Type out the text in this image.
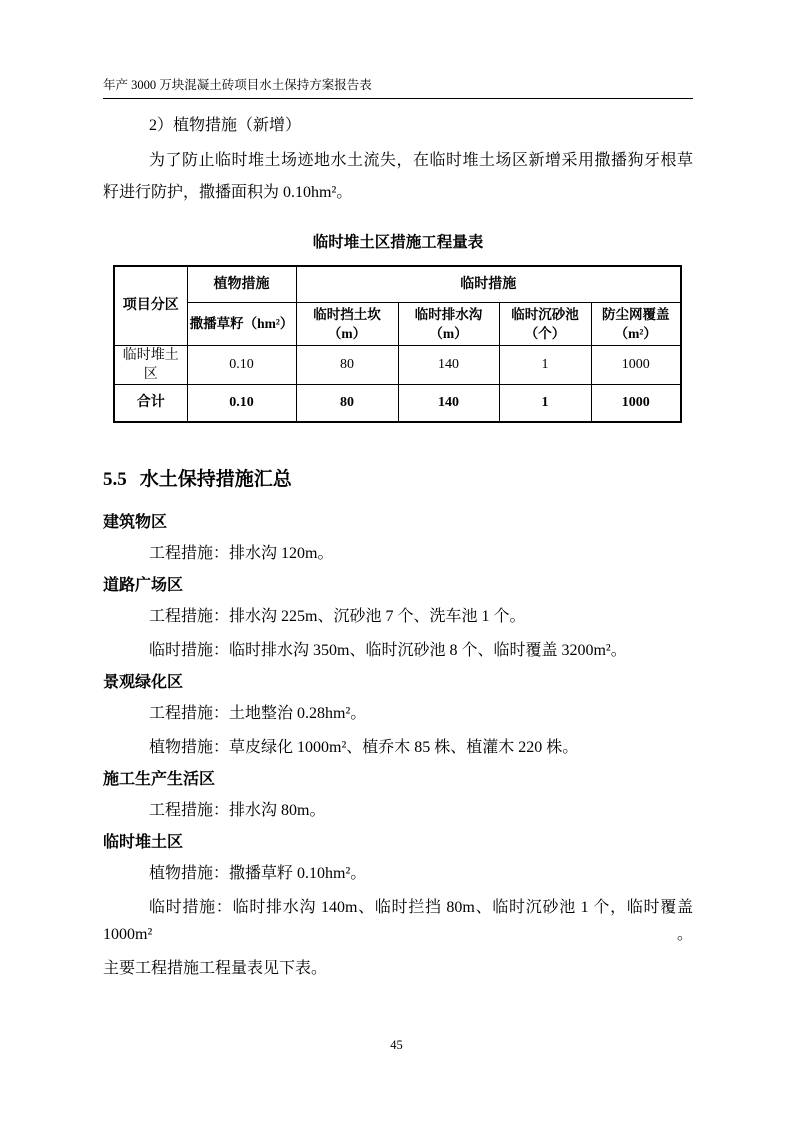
年产 3000 万块混凝土砖项目水土保持方案报告表

2）植物措施（新增）

为了防止临时堆土场迹地水土流失，在临时堆土场区新增采用撒播狗牙根草

籽进行防护，撒播面积为 0.10hm²。

临时堆土区措施工程量表
项目分区	植物措施	临时措施			
	撒播草籽（hm²）	临时挡土坎（m）	临时排水沟（m）	临时沉砂池（个）	防尘网覆盖（m²）
临时堆土区	0.10	80	140	1	1000
合计	0.10	80	140	1	1000
5.5 水土保持措施汇总
建筑物区

工程措施：排水沟 120m。

道路广场区

工程措施：排水沟 225m、沉砂池 7 个、洗车池 1 个。

临时措施：临时排水沟 350m、临时沉砂池 8 个、临时覆盖 3200m²。

景观绿化区

工程措施：土地整治 0.28hm²。

植物措施：草皮绿化 1000m²、植乔木 85 株、植灌木 220 株。

施工生产生活区

工程措施：排水沟 80m。

临时堆土区

植物措施：撒播草籽 0.10hm²。

临时措施：临时排水沟 140m、临时拦挡 80m、临时沉砂池 1 个，临时覆盖 1000m²。

主要工程措施工程量表见下表。

45
